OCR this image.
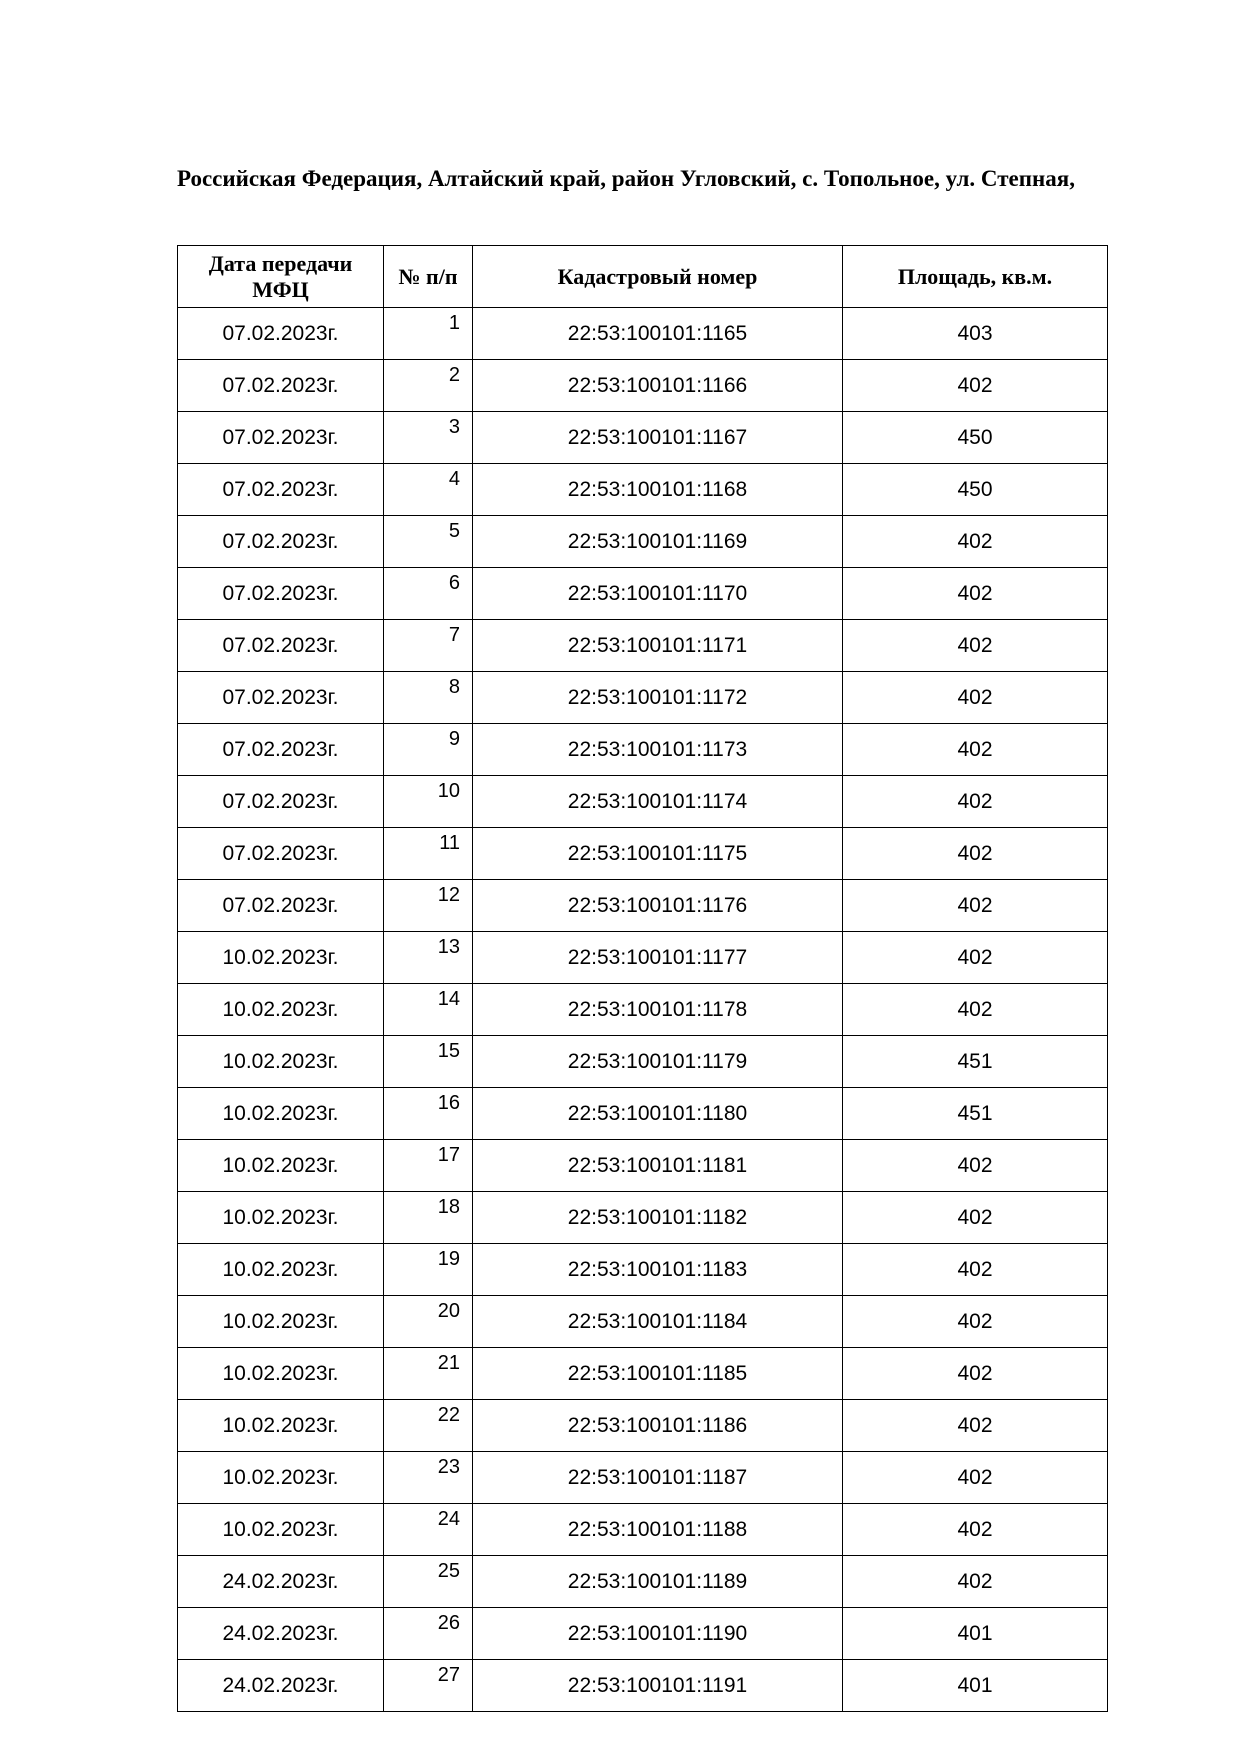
Российская Федерация, Алтайский край, район Угловский, с. Топольное, ул. Степная,

Дата передачи МФЦ	№ п/п	Кадастровый номер	Площадь, кв.м.
07.02.2023г.	1	22:53:100101:1165	403
07.02.2023г.	2	22:53:100101:1166	402
07.02.2023г.	3	22:53:100101:1167	450
07.02.2023г.	4	22:53:100101:1168	450
07.02.2023г.	5	22:53:100101:1169	402
07.02.2023г.	6	22:53:100101:1170	402
07.02.2023г.	7	22:53:100101:1171	402
07.02.2023г.	8	22:53:100101:1172	402
07.02.2023г.	9	22:53:100101:1173	402
07.02.2023г.	10	22:53:100101:1174	402
07.02.2023г.	11	22:53:100101:1175	402
07.02.2023г.	12	22:53:100101:1176	402
10.02.2023г.	13	22:53:100101:1177	402
10.02.2023г.	14	22:53:100101:1178	402
10.02.2023г.	15	22:53:100101:1179	451
10.02.2023г.	16	22:53:100101:1180	451
10.02.2023г.	17	22:53:100101:1181	402
10.02.2023г.	18	22:53:100101:1182	402
10.02.2023г.	19	22:53:100101:1183	402
10.02.2023г.	20	22:53:100101:1184	402
10.02.2023г.	21	22:53:100101:1185	402
10.02.2023г.	22	22:53:100101:1186	402
10.02.2023г.	23	22:53:100101:1187	402
10.02.2023г.	24	22:53:100101:1188	402
24.02.2023г.	25	22:53:100101:1189	402
24.02.2023г.	26	22:53:100101:1190	401
24.02.2023г.	27	22:53:100101:1191	401
